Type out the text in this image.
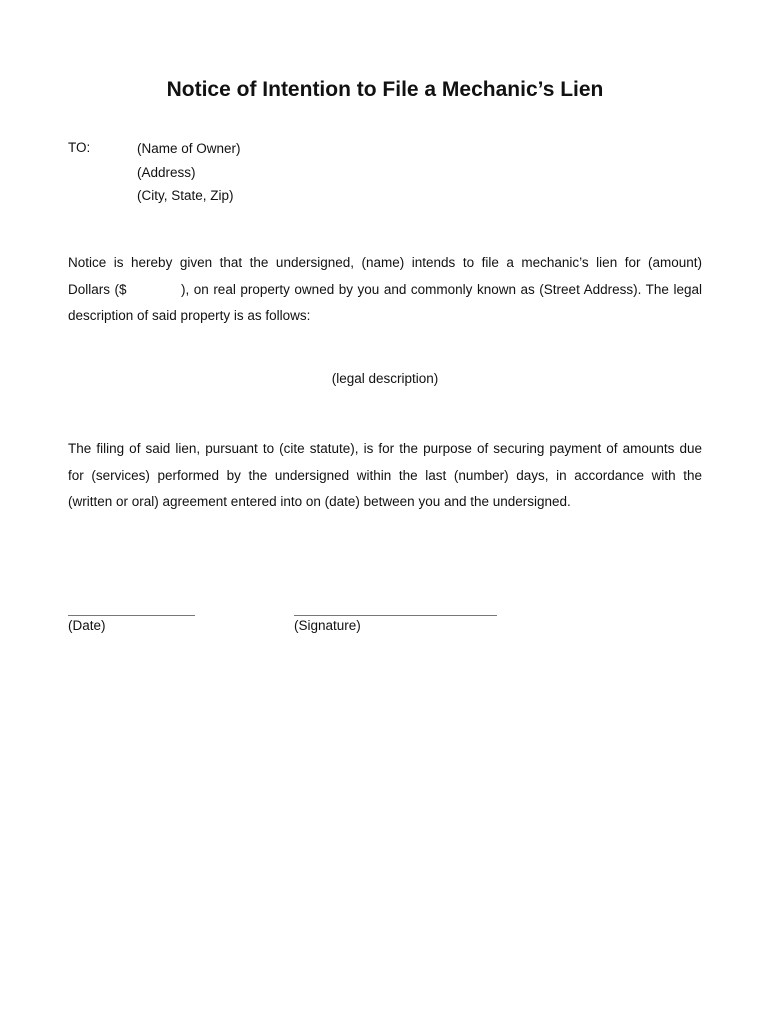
Notice of Intention to File a Mechanic’s Lien
TO:	(Name of Owner)
(Address)
(City, State, Zip)
Notice is hereby given that the undersigned, (name) intends to file a mechanic’s lien for (amount)
Dollars ($            ), on real property owned by you and commonly known as (Street Address). The legal
description of said property is as follows:
(legal description)
The filing of said lien, pursuant to (cite statute), is for the purpose of securing payment of amounts due
for (services) performed by the undersigned within the last (number) days, in accordance with the
(written or oral) agreement entered into on (date) between you and the undersigned.
(Date)	(Signature)
